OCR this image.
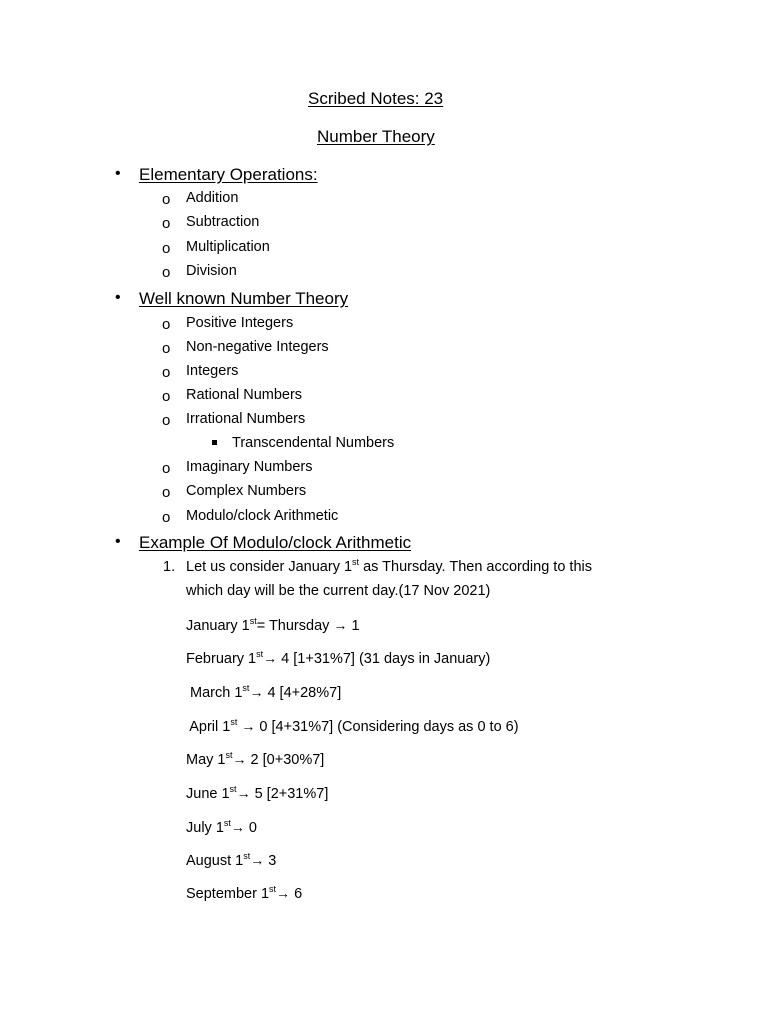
Scribed Notes: 23
Number Theory
• Elementary Operations:
o Addition
o Subtraction
o Multiplication
o Division
• Well known Number Theory
o Positive Integers
o Non-negative Integers
o Integers
o Rational Numbers
o Irrational Numbers
Transcendental Numbers
o Imaginary Numbers
o Complex Numbers
o Modulo/clock Arithmetic
• Example Of Modulo/clock Arithmetic
1. Let us consider January 1st as Thursday. Then according to this
which day will be the current day.(17 Nov 2021)
January 1st= Thursday → 1
February 1st→ 4 [1+31%7] (31 days in January)
March 1st→ 4 [4+28%7]
April 1st → 0 [4+31%7] (Considering days as 0 to 6)
May 1st→ 2 [0+30%7]
June 1st→ 5 [2+31%7]
July 1st→ 0
August 1st→ 3
September 1st→ 6
